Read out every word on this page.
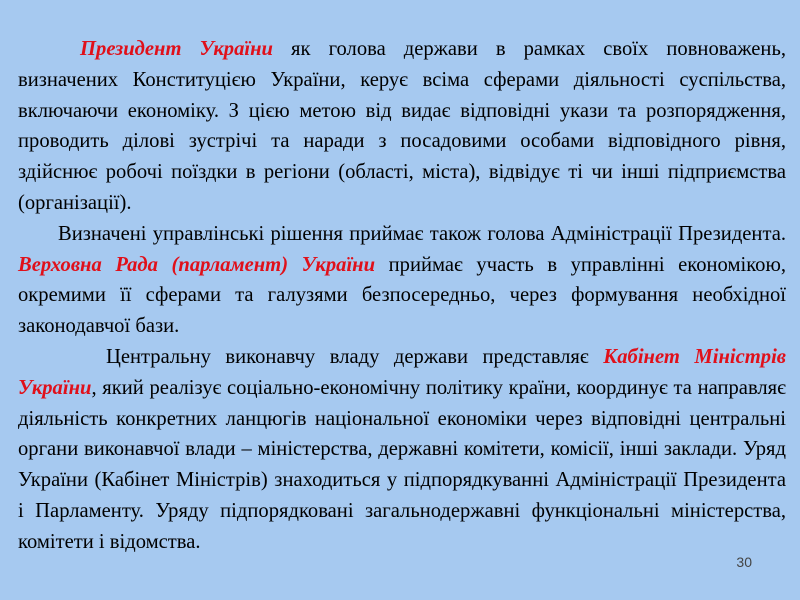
Президент України як голова держави в рамках своїх повноважень, визначених Конституцією України, керує всіма сферами діяльності суспільства, включаючи економіку. З цією метою від видає відповідні укази та розпорядження, проводить ділові зустрічі та наради з посадовими особами відповідного рівня, здійснює робочі поїздки в регіони (області, міста), відвідує ті чи інші підприємства (організації).

Визначені управлінські рішення приймає також голова Адміністрації Президента. Верховна Рада (парламент) України приймає участь в управлінні економікою, окремими її сферами та галузями безпосередньо, через формування необхідної законодавчої бази.

Центральну виконавчу владу держави представляє Кабінет Міністрів України, який реалізує соціально-економічну політику країни, координує та направляє діяльність конкретних ланцюгів національної економіки через відповідні центральні органи виконавчої влади – міністерства, державні комітети, комісії, інші заклади. Уряд України (Кабінет Міністрів) знаходиться у підпорядкуванні Адміністрації Президента і Парламенту. Уряду підпорядковані загальнодержавні функціональні міністерства, комітети і відомства.

30
